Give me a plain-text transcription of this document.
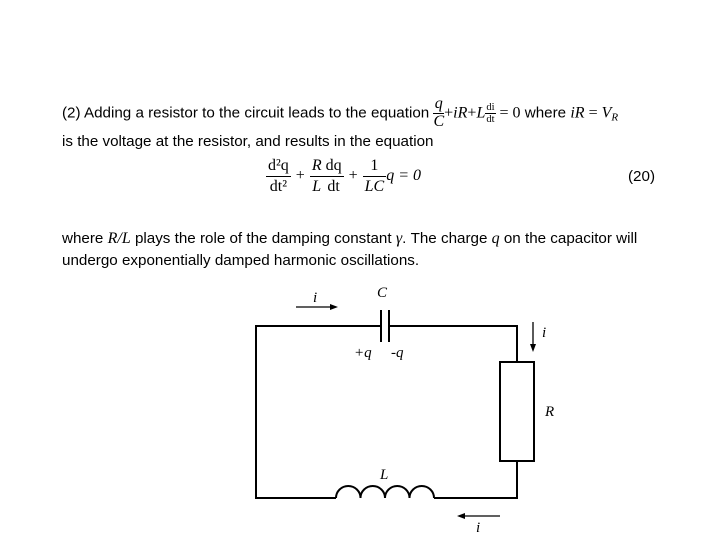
(2) Adding a resistor to the circuit leads to the equation $\frac{q}{C} +iR+L \frac{di}{dt} = 0$ where iR = $V_R$
is the voltage at the resistor, and results in the equation

$\frac{\text{d²q}}{\text{dt²}} + \frac{R}{L} \frac{dq}{dt} + \frac{1}{LC}$ q = 0	(20)

where R/L plays the role of the damping constant γ. The charge q on the capacitor will undergo exponentially damped harmonic oscillations.

C
i
i
R
L
i
+q -q
